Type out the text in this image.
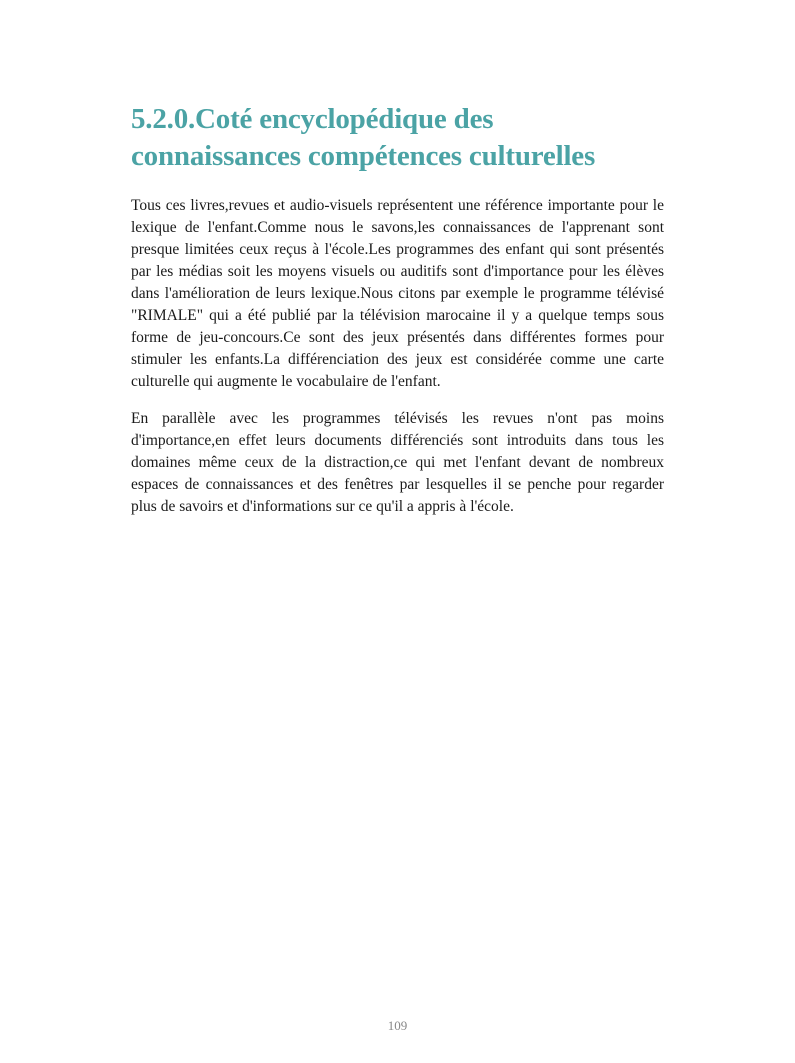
5.2.0.Coté encyclopédique des
connaissances compétences culturelles

Tous ces livres,revues et audio-visuels représentent une référence importante pour le lexique de l'enfant.Comme nous le savons,les connaissances de l'apprenant sont presque limitées ceux reçus à l'école.Les programmes des enfant qui sont présentés par les médias soit les moyens visuels ou auditifs sont d'importance pour les élèves dans l'amélioration de leurs lexique.Nous citons par exemple le programme télévisé "RIMALE" qui a été publié par la télévision marocaine il y a quelque temps sous forme de jeu-concours.Ce sont des jeux présentés dans différentes formes pour stimuler les enfants.La différenciation des jeux est considérée comme une carte culturelle qui augmente le vocabulaire de l'enfant.

En parallèle avec les programmes télévisés les revues n'ont pas moins d'importance,en effet leurs documents différenciés sont introduits dans tous les domaines même ceux de la distraction,ce qui met l'enfant devant de nombreux espaces de connaissances et des fenêtres par lesquelles il se penche pour regarder plus de savoirs et d'informations sur ce qu'il a appris à l'école.

109
